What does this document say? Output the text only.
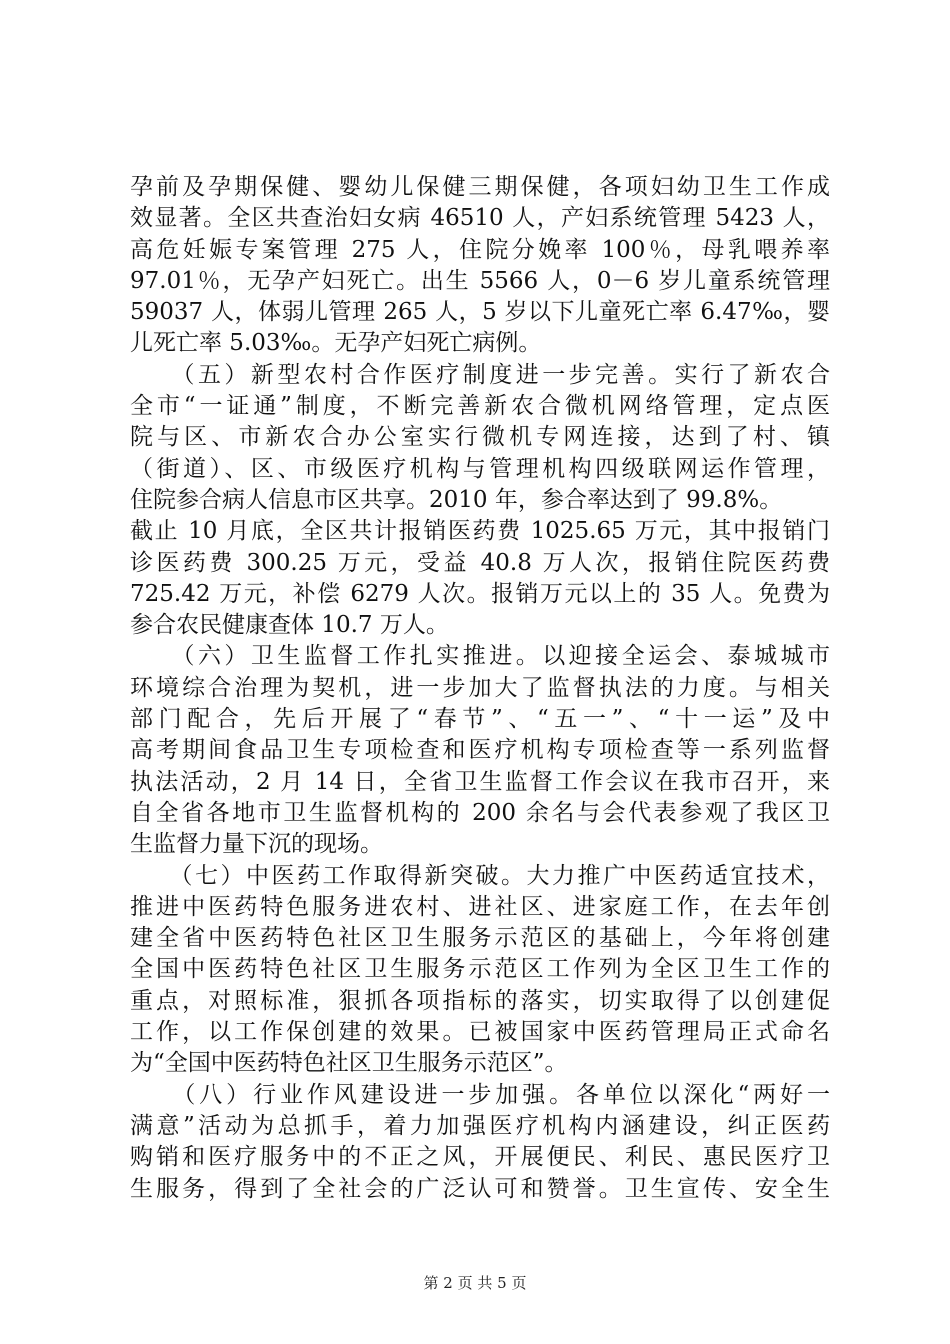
孕前及孕期保健、婴幼儿保健三期保健，各项妇幼卫生工作成
效显著。全区共查治妇女病 46510 人，产妇系统管理 5423 人，
高危妊娠专案管理 275 人，住院分娩率 100％，母乳喂养率
97.01％，无孕产妇死亡。出生 5566 人，0－6 岁儿童系统管理
59037 人，体弱儿管理 265 人，5 岁以下儿童死亡率 6.47‰，婴
儿死亡率 5.03‰。无孕产妇死亡病例。
　　（五）新型农村合作医疗制度进一步完善。实行了新农合
全市“一证通”制度，不断完善新农合微机网络管理，定点医
院与区、市新农合办公室实行微机专网连接，达到了村、镇
（街道）、区、市级医疗机构与管理机构四级联网运作管理，
住院参合病人信息市区共享。2010 年，参合率达到了 99.8%。
截止 10 月底，全区共计报销医药费 1025.65 万元，其中报销门
诊医药费 300.25 万元，受益 40.8 万人次，报销住院医药费
725.42 万元，补偿 6279 人次。报销万元以上的 35 人。免费为
参合农民健康查体 10.7 万人。
　　（六）卫生监督工作扎实推进。以迎接全运会、泰城城市
环境综合治理为契机，进一步加大了监督执法的力度。与相关
部门配合，先后开展了“春节”、“五一”、“十一运”及中
高考期间食品卫生专项检查和医疗机构专项检查等一系列监督
执法活动，2 月 14 日，全省卫生监督工作会议在我市召开，来
自全省各地市卫生监督机构的 200 余名与会代表参观了我区卫
生监督力量下沉的现场。
　　（七）中医药工作取得新突破。大力推广中医药适宜技术，
推进中医药特色服务进农村、进社区、进家庭工作，在去年创
建全省中医药特色社区卫生服务示范区的基础上，今年将创建
全国中医药特色社区卫生服务示范区工作列为全区卫生工作的
重点，对照标准，狠抓各项指标的落实，切实取得了以创建促
工作，以工作保创建的效果。已被国家中医药管理局正式命名
为“全国中医药特色社区卫生服务示范区”。
　　（八）行业作风建设进一步加强。各单位以深化“两好一
满意”活动为总抓手，着力加强医疗机构内涵建设，纠正医药
购销和医疗服务中的不正之风，开展便民、利民、惠民医疗卫
生服务，得到了全社会的广泛认可和赞誉。卫生宣传、安全生
第 2 页 共 5 页
